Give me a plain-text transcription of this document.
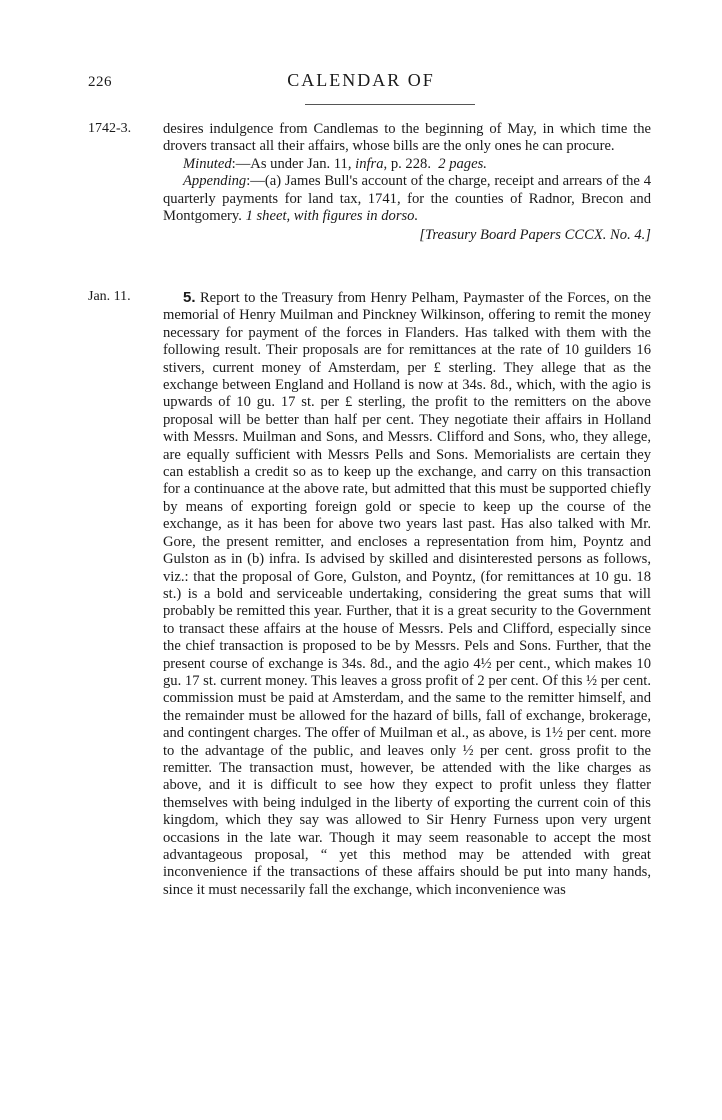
226	CALENDAR OF
1742-3.
Jan. 11.

desires indulgence from Candlemas to the beginning of May, in which time the drovers transact all their affairs, whose bills are the only ones he can procure.

Minuted:—As under Jan. 11, infra, p. 228. 2 pages.

Appending:—(a) James Bull's account of the charge, receipt and arrears of the 4 quarterly payments for land tax, 1741, for the counties of Radnor, Brecon and Montgomery. 1 sheet, with figures in dorso.

[Treasury Board Papers CCCX. No. 4.]

5. Report to the Treasury from Henry Pelham, Paymaster of the Forces, on the memorial of Henry Muilman and Pinckney Wilkinson, offering to remit the money necessary for payment of the forces in Flanders. Has talked with them with the following result. Their proposals are for remittances at the rate of 10 guilders 16 stivers, current money of Amsterdam, per £ sterling. They allege that as the exchange between England and Holland is now at 34s. 8d., which, with the agio is upwards of 10 gu. 17 st. per £ sterling, the profit to the remitters on the above proposal will be better than half per cent. They negotiate their affairs in Holland with Messrs. Muilman and Sons, and Messrs. Clifford and Sons, who, they allege, are equally sufficient with Messrs Pells and Sons. Memorialists are certain they can establish a credit so as to keep up the exchange, and carry on this transaction for a continuance at the above rate, but admitted that this must be supported chiefly by means of exporting foreign gold or specie to keep up the course of the exchange, as it has been for above two years last past. Has also talked with Mr. Gore, the present remitter, and encloses a representation from him, Poyntz and Gulston as in (b) infra. Is advised by skilled and disinterested persons as follows, viz.: that the proposal of Gore, Gulston, and Poyntz, (for remittances at 10 gu. 18 st.) is a bold and serviceable undertaking, considering the great sums that will probably be remitted this year. Further, that it is a great security to the Government to transact these affairs at the house of Messrs. Pels and Clifford, especially since the chief transaction is proposed to be by Messrs. Pels and Sons. Further, that the present course of exchange is 34s. 8d., and the agio 4½ per cent., which makes 10 gu. 17 st. current money. This leaves a gross profit of 2 per cent. Of this ½ per cent. commission must be paid at Amsterdam, and the same to the remitter himself, and the remainder must be allowed for the hazard of bills, fall of exchange, brokerage, and contingent charges. The offer of Muilman et al., as above, is 1½ per cent. more to the advantage of the public, and leaves only ½ per cent. gross profit to the remitter. The transaction must, however, be attended with the like charges as above, and it is difficult to see how they expect to profit unless they flatter themselves with being indulged in the liberty of exporting the current coin of this kingdom, which they say was allowed to Sir Henry Furness upon very urgent occasions in the late war. Though it may seem reasonable to accept the most advantageous proposal, “ yet this method may be attended with great inconvenience if the transactions of these affairs should be put into many hands, since it must necessarily fall the exchange, which inconvenience was
